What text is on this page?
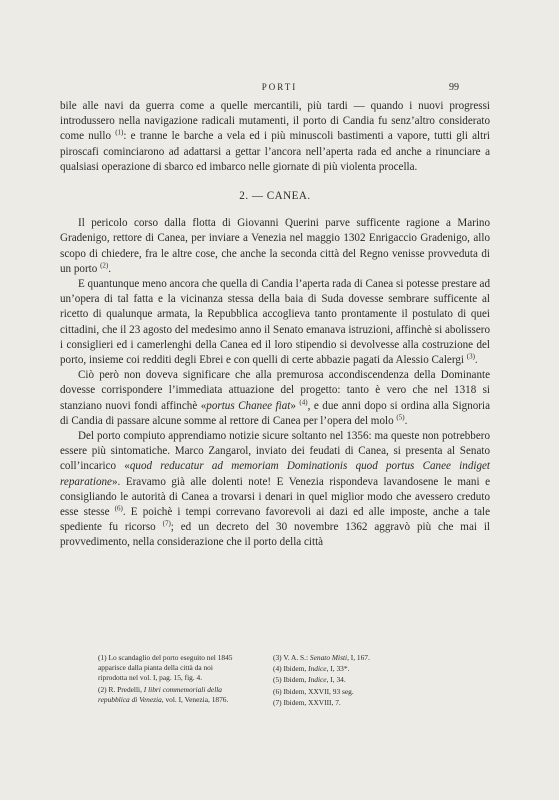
PORTI	99

bile alle navi da guerra come a quelle mercantili, più tardi — quando i nuovi progressi introdussero nella navigazione radicali mutamenti, il porto di Candia fu senz’altro considerato come nullo $^{(1)}$: e tranne le barche a vela ed i più minuscoli bastimenti a vapore, tutti gli altri piroscafi cominciarono ad adattarsi a gettar l’ancora nell’aperta rada ed anche a rinunciare a qualsiasi operazione di sbarco ed imbarco nelle giornate di più violenta procella.

2. — CANEA.

Il pericolo corso dalla flotta di Giovanni Querini parve sufficente ragione a Marino Gradenigo, rettore di Canea, per inviare a Venezia nel maggio 1302 Enrigaccio Gradenigo, allo scopo di chiedere, fra le altre cose, che anche la seconda città del Regno venisse provveduta di un porto $^{(2)}$.

E quantunque meno ancora che quella di Candia l’aperta rada di Canea si potesse prestare ad un’opera di tal fatta e la vicinanza stessa della baia di Suda dovesse sembrare sufficente al ricetto di qualunque armata, la Repubblica accoglieva tanto prontamente il postulato di quei cittadini, che il 23 agosto del medesimo anno il Senato emanava istruzioni, affinchè si abolissero i consiglieri ed i camerlenghi della Canea ed il loro stipendio si devolvesse alla costruzione del porto, insieme coi redditi degli Ebrei e con quelli di certe abbazie pagati da Alessio Calergi $^{(3)}$.

Ciò però non doveva significare che alla premurosa accondiscendenza della Dominante dovesse corrispondere l’immediata attuazione del progetto: tanto è vero che nel 1318 si stanziano nuovi fondi affinchè «portus Chanee fiat» $^{(4)}$, e due anni dopo si ordina alla Signoria di Candia di passare alcune somme al rettore di Canea per l’opera del molo $^{(5)}$.

Del porto compiuto apprendiamo notizie sicure soltanto nel 1356: ma queste non potrebbero essere più sintomatiche. Marco Zangarol, inviato dei feudati di Canea, si presenta al Senato coll’incarico «quod reducatur ad memoriam Dominationis quod portus Canee indiget reparatione». Eravamo già alle dolenti note! E Venezia rispondeva lavandosene le mani e consigliando le autorità di Canea a trovarsi i denari in quel miglior modo che avessero creduto esse stesse $^{(6)}$. E poichè i tempi correvano favorevoli ai dazi ed alle imposte, anche a tale spediente fu ricorso $^{(7)}$; ed un decreto del 30 novembre 1362 aggravò più che mai il provvedimento, nella considerazione che il porto della città

(1) Lo scandaglio del porto eseguito nel 1845 apparisce dalla pianta della città da noi riprodotta nel vol. I, pag. 15, fig. 4.

(2) R. Predelli, I libri commemoriali della repubblica di Venezia, vol. I, Venezia, 1876.

(3) V. A. S.: Senato Misti, I, 167.

(4) Ibidem, Indice, I, 33*.

(5) Ibidem, Indice, I, 34.

(6) Ibidem, XXVII, 93 seg.

(7) Ibidem, XXVIII, 7.
